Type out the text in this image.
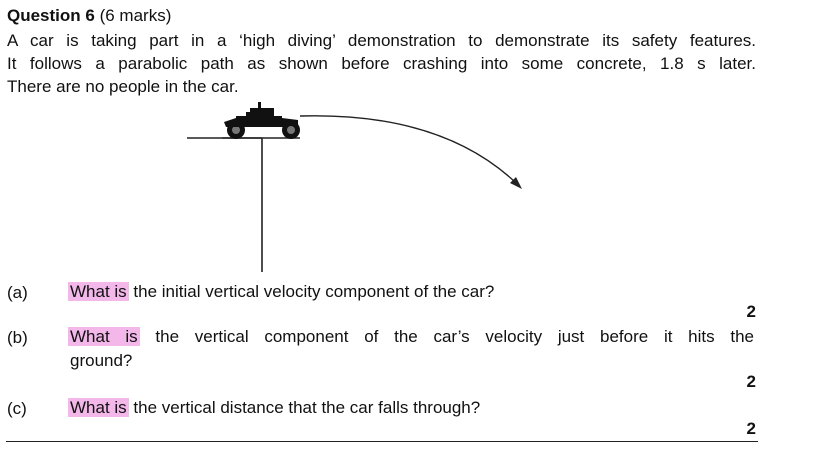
Question 6 (6 marks)
A car is taking part in a ‘high diving’ demonstration to demonstrate its safety features.
It follows a parabolic path as shown before crashing into some concrete, 1.8 s later.
There are no people in the car.
(a) What is the initial vertical velocity component of the car?
2
(b) What is the vertical component of the car’s velocity just before it hits the
ground?
2
(c)	What is the vertical distance that the car falls through?
2
